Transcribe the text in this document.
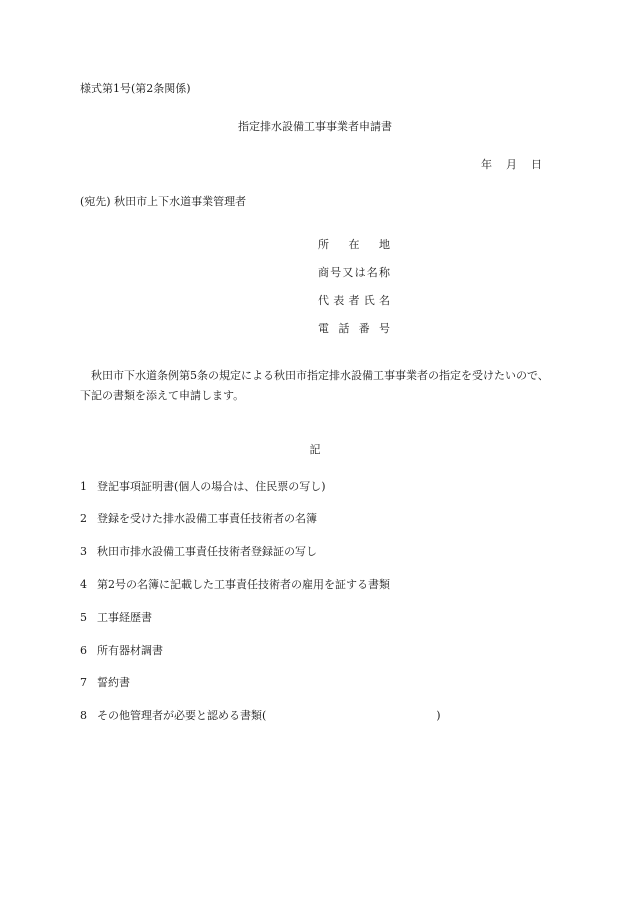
様式第1号(第2条関係)
指定排水設備工事事業者申請書
年 月 日
(宛先) 秋田市上下水道事業管理者
所在地
商号又は名称
代表者氏名
電話番号
秋田市下水道条例第5条の規定による秋田市指定排水設備工事事業者の指定を受けたいので、下記の書類を添えて申請します。
記
1 登記事項証明書(個人の場合は、住民票の写し)
2 登録を受けた排水設備工事責任技術者の名簿
3 秋田市排水設備工事責任技術者登録証の写し
4 第2号の名簿に記載した工事責任技術者の雇用を証する書類
5 工事経歴書
6 所有器材調書
7 誓約書
8 その他管理者が必要と認める書類(	)
